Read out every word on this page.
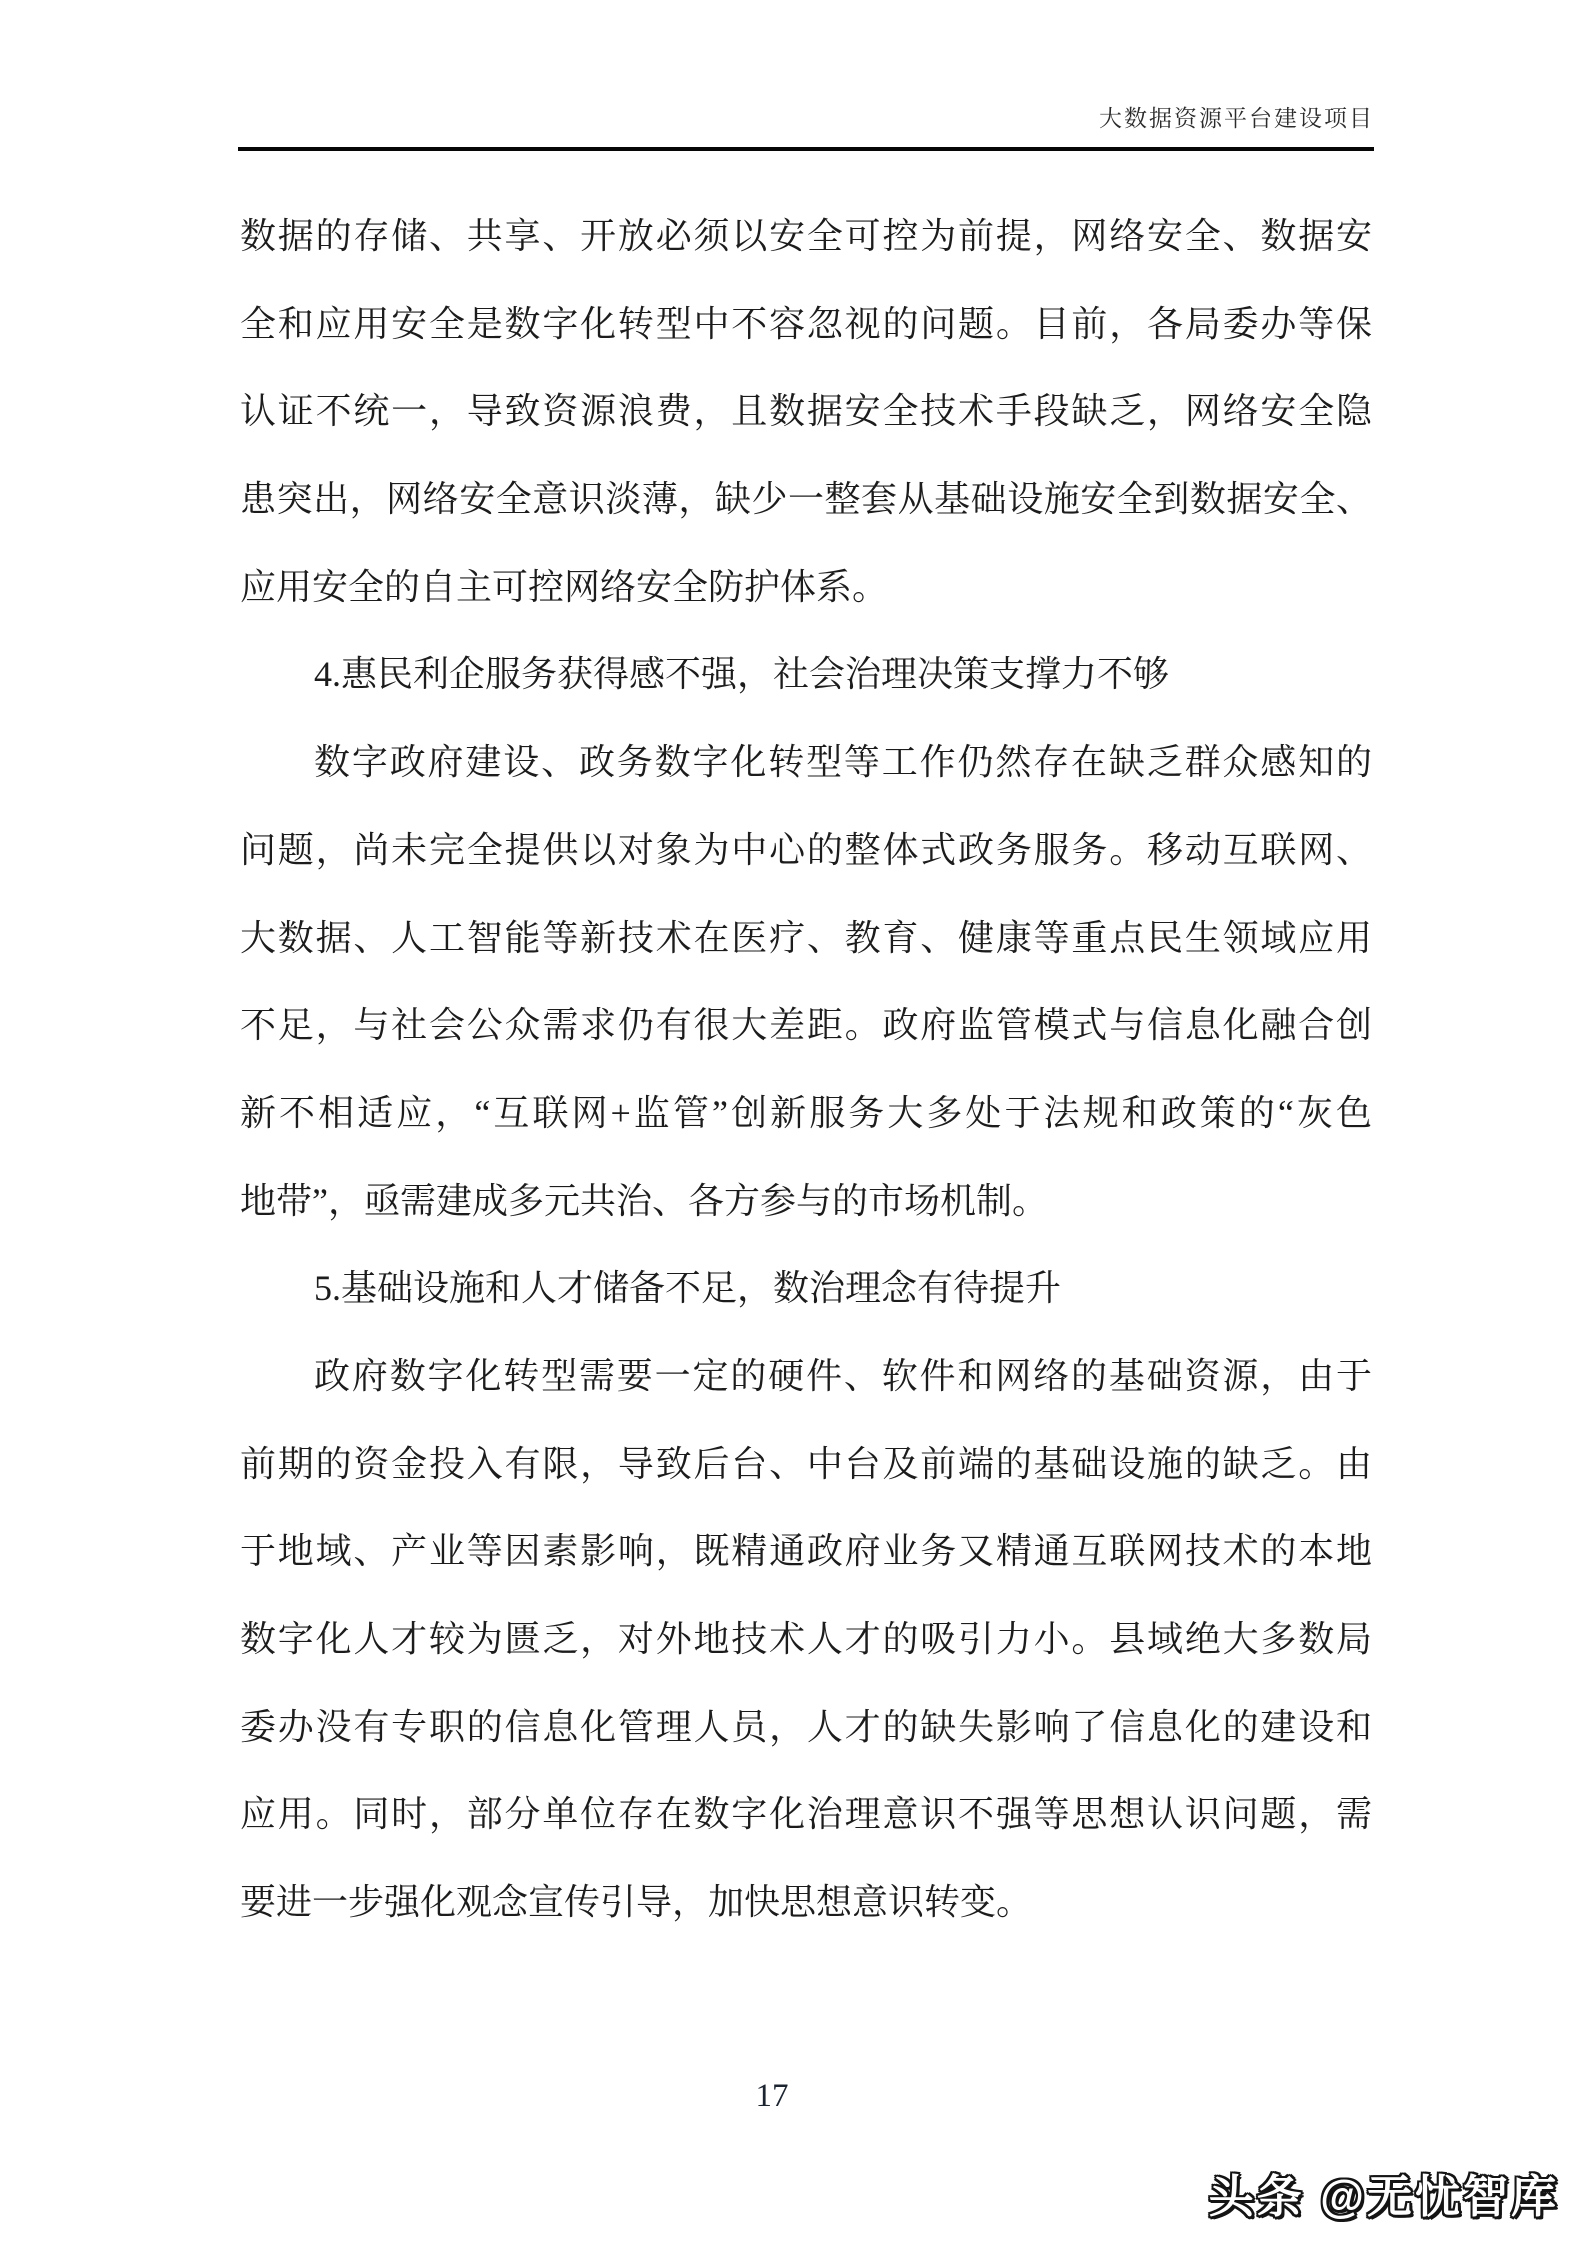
大数据资源平台建设项目
数据的存储、共享、开放必须以安全可控为前提，网络安全、数据安
全和应用安全是数字化转型中不容忽视的问题。目前，各局委办等保
认证不统一，导致资源浪费，且数据安全技术手段缺乏，网络安全隐
患突出，网络安全意识淡薄，缺少一整套从基础设施安全到数据安全、
应用安全的自主可控网络安全防护体系。
4.惠民利企服务获得感不强，社会治理决策支撑力不够
数字政府建设、政务数字化转型等工作仍然存在缺乏群众感知的
问题，尚未完全提供以对象为中心的整体式政务服务。移动互联网、
大数据、人工智能等新技术在医疗、教育、健康等重点民生领域应用
不足，与社会公众需求仍有很大差距。政府监管模式与信息化融合创
新不相适应，“互联网+监管”创新服务大多处于法规和政策的“灰色
地带”，亟需建成多元共治、各方参与的市场机制。
5.基础设施和人才储备不足，数治理念有待提升
政府数字化转型需要一定的硬件、软件和网络的基础资源，由于
前期的资金投入有限，导致后台、中台及前端的基础设施的缺乏。由
于地域、产业等因素影响，既精通政府业务又精通互联网技术的本地
数字化人才较为匮乏，对外地技术人才的吸引力小。县域绝大多数局
委办没有专职的信息化管理人员，人才的缺失影响了信息化的建设和
应用。同时，部分单位存在数字化治理意识不强等思想认识问题，需
要进一步强化观念宣传引导，加快思想意识转变。
17
头条 @无忧智库
